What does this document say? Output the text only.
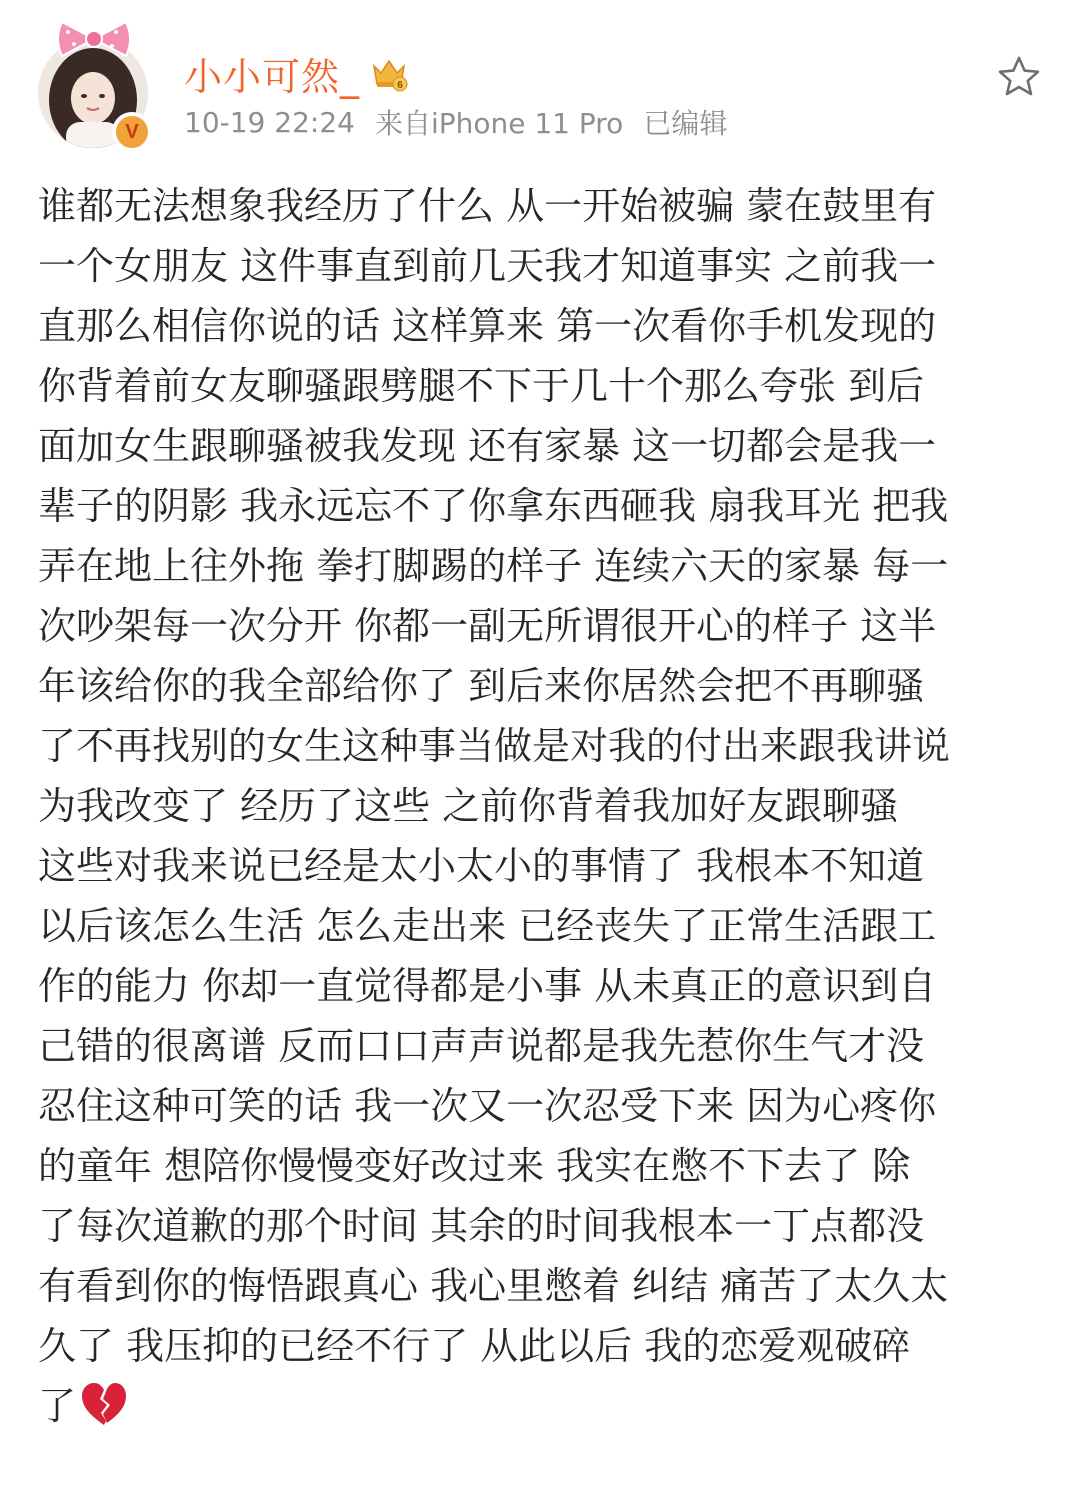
V
小小可然_	6
10-19 22:24 来自iPhone 11 Pro 已编辑
谁都无法想象我经历了什么 从一开始被骗 蒙在鼓里有
一个女朋友 这件事直到前几天我才知道事实 之前我一
直那么相信你说的话 这样算来 第一次看你手机发现的
你背着前女友聊骚跟劈腿不下于几十个那么夸张 到后
面加女生跟聊骚被我发现 还有家暴 这一切都会是我一
辈子的阴影 我永远忘不了你拿东西砸我 扇我耳光 把我
弄在地上往外拖 拳打脚踢的样子 连续六天的家暴 每一
次吵架每一次分开 你都一副无所谓很开心的样子 这半
年该给你的我全部给你了 到后来你居然会把不再聊骚
了不再找别的女生这种事当做是对我的付出来跟我讲说
为我改变了 经历了这些 之前你背着我加好友跟聊骚
这些对我来说已经是太小太小的事情了 我根本不知道
以后该怎么生活 怎么走出来 已经丧失了正常生活跟工
作的能力 你却一直觉得都是小事 从未真正的意识到自
己错的很离谱 反而口口声声说都是我先惹你生气才没
忍住这种可笑的话 我一次又一次忍受下来 因为心疼你
的童年 想陪你慢慢变好改过来 我实在憋不下去了 除
了每次道歉的那个时间 其余的时间我根本一丁点都没
有看到你的悔悟跟真心 我心里憋着 纠结 痛苦了太久太
久了 我压抑的已经不行了 从此以后 我的恋爱观破碎
了
